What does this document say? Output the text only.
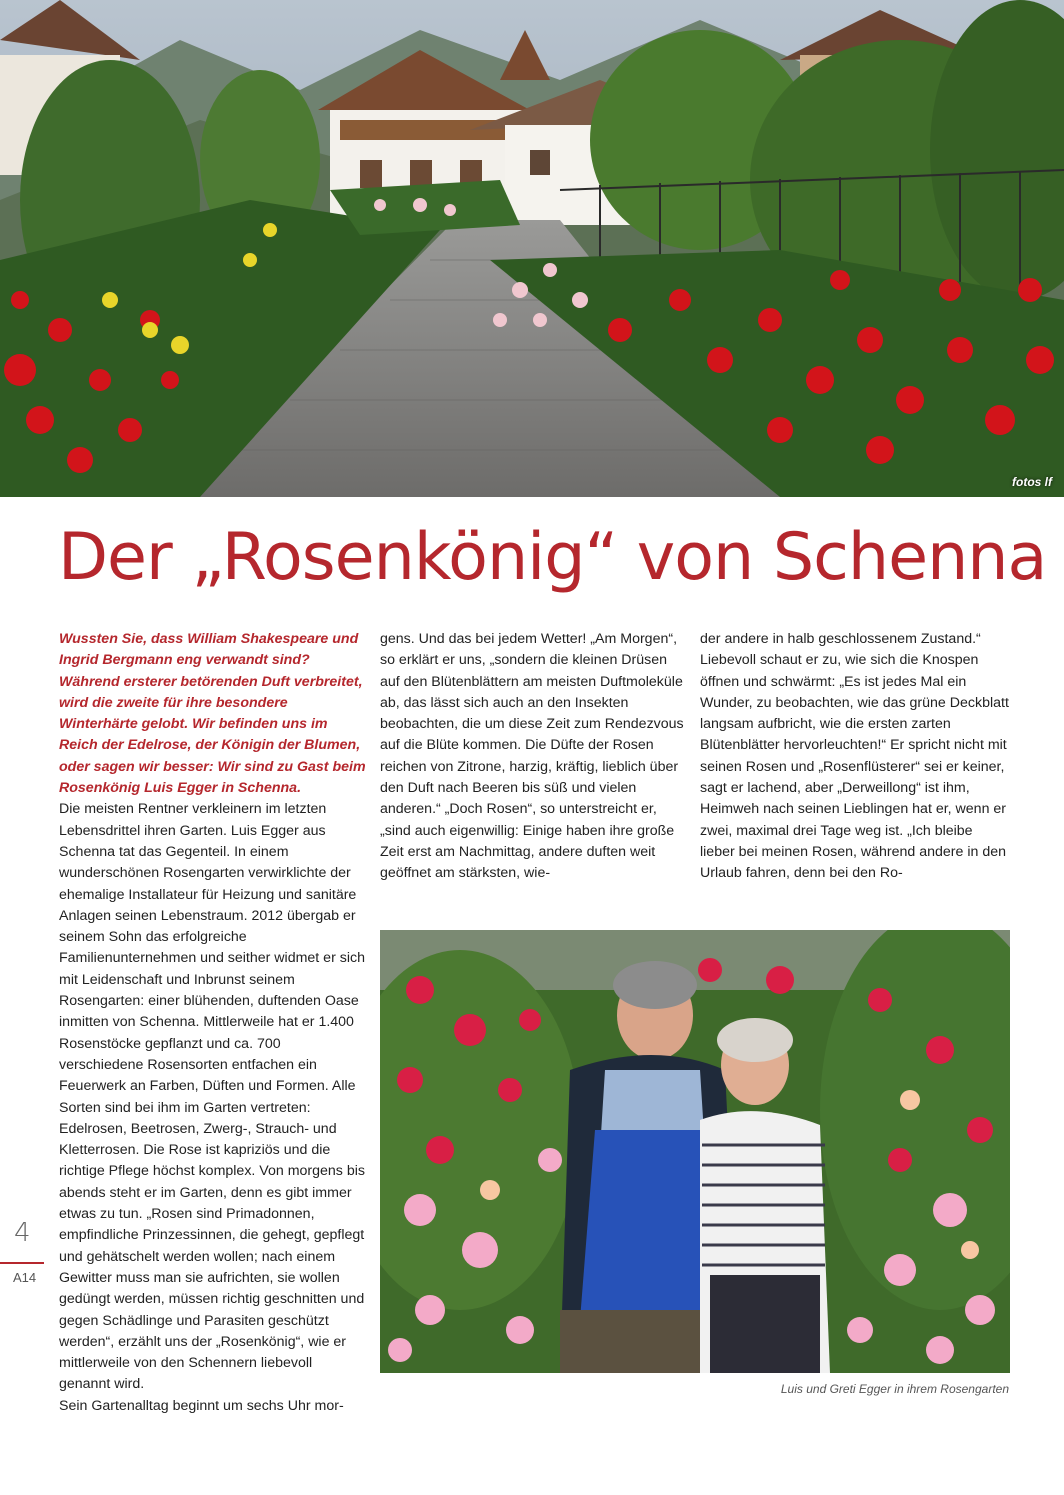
fotos lf
Der „Rosenkönig“ von Schenna

Wussten Sie, dass William Shakespeare und Ingrid Bergmann eng verwandt sind? Während ersterer betörenden Duft verbreitet, wird die zweite für ihre besondere Winterhärte gelobt. Wir befinden uns im Reich der Edelrose, der Königin der Blumen, oder sagen wir besser: Wir sind zu Gast beim Rosenkönig Luis Egger in Schenna.

Die meisten Rentner verkleinern im letzten Lebensdrittel ihren Garten. Luis Egger aus Schenna tat das Gegenteil. In einem wunderschönen Rosengarten verwirklichte der ehemalige Installateur für Heizung und sanitäre Anlagen seinen Lebenstraum. 2012 übergab er seinem Sohn das erfolgreiche Familienunternehmen und seither widmet er sich mit Leidenschaft und Inbrunst seinem Rosengarten: einer blühenden, duftenden Oase inmitten von Schenna. Mittlerweile hat er 1.400 Rosenstöcke gepflanzt und ca. 700 verschiedene Rosensorten entfachen ein Feuerwerk an Farben, Düften und Formen. Alle Sorten sind bei ihm im Garten vertreten: Edelrosen, Beetrosen, Zwerg-, Strauch- und Kletterrosen. Die Rose ist kapriziös und die richtige Pflege höchst komplex. Von morgens bis abends steht er im Garten, denn es gibt immer etwas zu tun. „Rosen sind Primadonnen, empfindliche Prinzessinnen, die gehegt, gepflegt und gehätschelt werden wollen; nach einem Gewitter muss man sie aufrichten, sie wollen gedüngt werden, müssen richtig geschnitten und gegen Schädlinge und Parasiten geschützt werden“, erzählt uns der „Rosenkönig“, wie er mittlerweile von den Schennern liebevoll genannt wird.

Sein Gartenalltag beginnt um sechs Uhr mor-

gens. Und das bei jedem Wetter! „Am Morgen“, so erklärt er uns, „sondern die kleinen Drüsen auf den Blütenblättern am meisten Duftmoleküle ab, das lässt sich auch an den Insekten beobachten, die um diese Zeit zum Rendezvous auf die Blüte kommen. Die Düfte der Rosen reichen von Zitrone, harzig, kräftig, lieblich über den Duft nach Beeren bis süß und vielen anderen.“ „Doch Rosen“, so unterstreicht er, „sind auch eigenwillig: Einige haben ihre große Zeit erst am Nachmittag, andere duften weit geöffnet am stärksten, wie-

der andere in halb geschlossenem Zustand.“ Liebevoll schaut er zu, wie sich die Knospen öffnen und schwärmt: „Es ist jedes Mal ein Wunder, zu beobachten, wie das grüne Deckblatt langsam aufbricht, wie die ersten zarten Blütenblätter hervorleuchten!“ Er spricht nicht mit seinen Rosen und „Rosenflüsterer“ sei er keiner, sagt er lachend, aber „Derweillong“ ist ihm, Heimweh nach seinen Lieblingen hat er, wenn er zwei, maximal drei Tage weg ist. „Ich bleibe lieber bei meinen Rosen, während andere in den Urlaub fahren, denn bei den Ro-

Luis und Greti Egger in ihrem Rosengarten
4
A14
